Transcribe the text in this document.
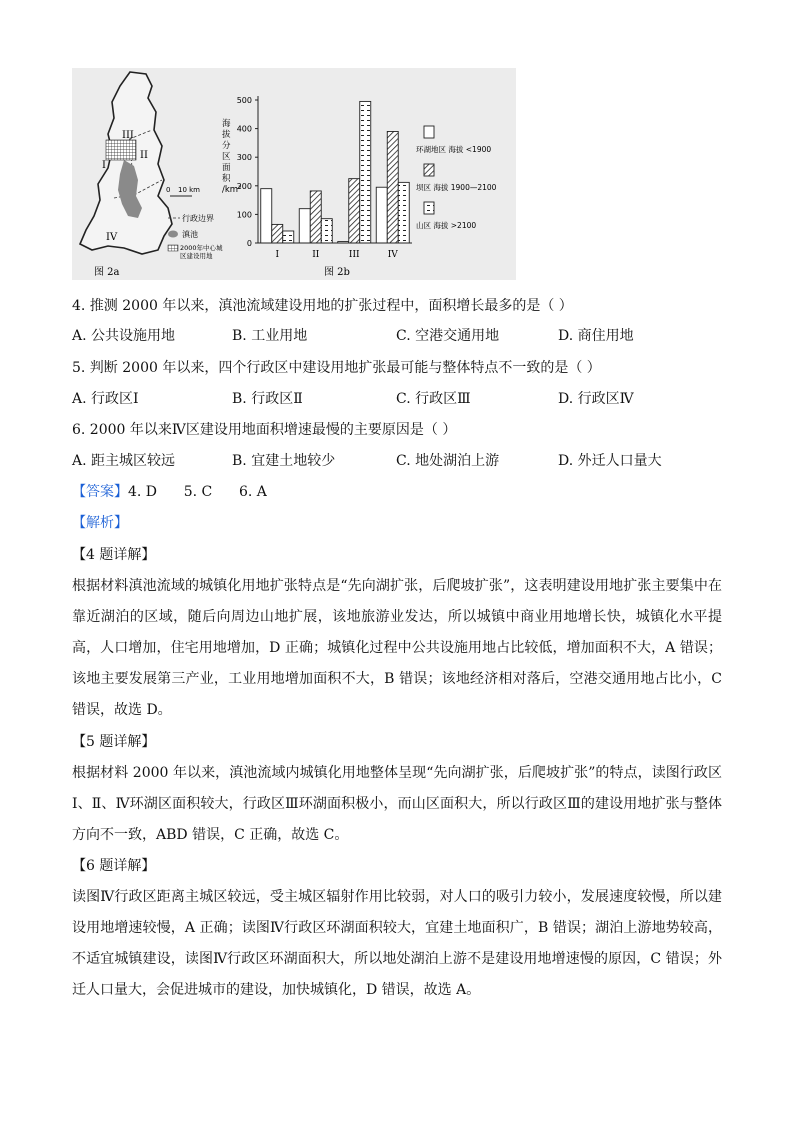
III
II
I
IV
0 10 km
行政边界
滇池
2000年中心城
区建设用地
图 2a
海
拔
分
区
面
积
/km²
0
100
200
300
400
500
I	II	III	IV
环湖地区 海拔 <1900
坝区 海拔 1900—2100
山区 海拔 >2100
图 2b
4. 推测 2000 年以来，滇池流域建设用地的扩张过程中，面积增长最多的是（ ）
A. 公共设施用地	B. 工业用地	C. 空港交通用地	D. 商住用地
5. 判断 2000 年以来，四个行政区中建设用地扩张最可能与整体特点不一致的是（ ）
A. 行政区Ⅰ	B. 行政区Ⅱ	C. 行政区Ⅲ	D. 行政区Ⅳ
6. 2000 年以来Ⅳ区建设用地面积增速最慢的主要原因是（ ）
A. 距主城区较远	B. 宜建土地较少	C. 地处湖泊上游	D. 外迁人口量大
【答案】4. D      5. C      6. A
【解析】
【4 题详解】
根据材料滇池流域的城镇化用地扩张特点是“先向湖扩张，后爬坡扩张”，这表明建设用地扩张主要集中在靠近湖泊的区域，随后向周边山地扩展，该地旅游业发达，所以城镇中商业用地增长快，城镇化水平提高，人口增加，住宅用地增加，D 正确；城镇化过程中公共设施用地占比较低，增加面积不大，A 错误；该地主要发展第三产业，工业用地增加面积不大，B 错误；该地经济相对落后，空港交通用地占比小，C 错误，故选 D。
【5 题详解】
根据材料 2000 年以来，滇池流域内城镇化用地整体呈现“先向湖扩张，后爬坡扩张”的特点，读图行政区Ⅰ、Ⅱ、Ⅳ环湖区面积较大，行政区Ⅲ环湖面积极小，而山区面积大，所以行政区Ⅲ的建设用地扩张与整体方向不一致，ABD 错误，C 正确，故选 C。
【6 题详解】
读图Ⅳ行政区距离主城区较远，受主城区辐射作用比较弱，对人口的吸引力较小，发展速度较慢，所以建设用地增速较慢，A 正确；读图Ⅳ行政区环湖面积较大，宜建土地面积广，B 错误；湖泊上游地势较高，不适宜城镇建设，读图Ⅳ行政区环湖面积大，所以地处湖泊上游不是建设用地增速慢的原因，C 错误；外迁人口量大，会促进城市的建设，加快城镇化，D 错误，故选 A。
